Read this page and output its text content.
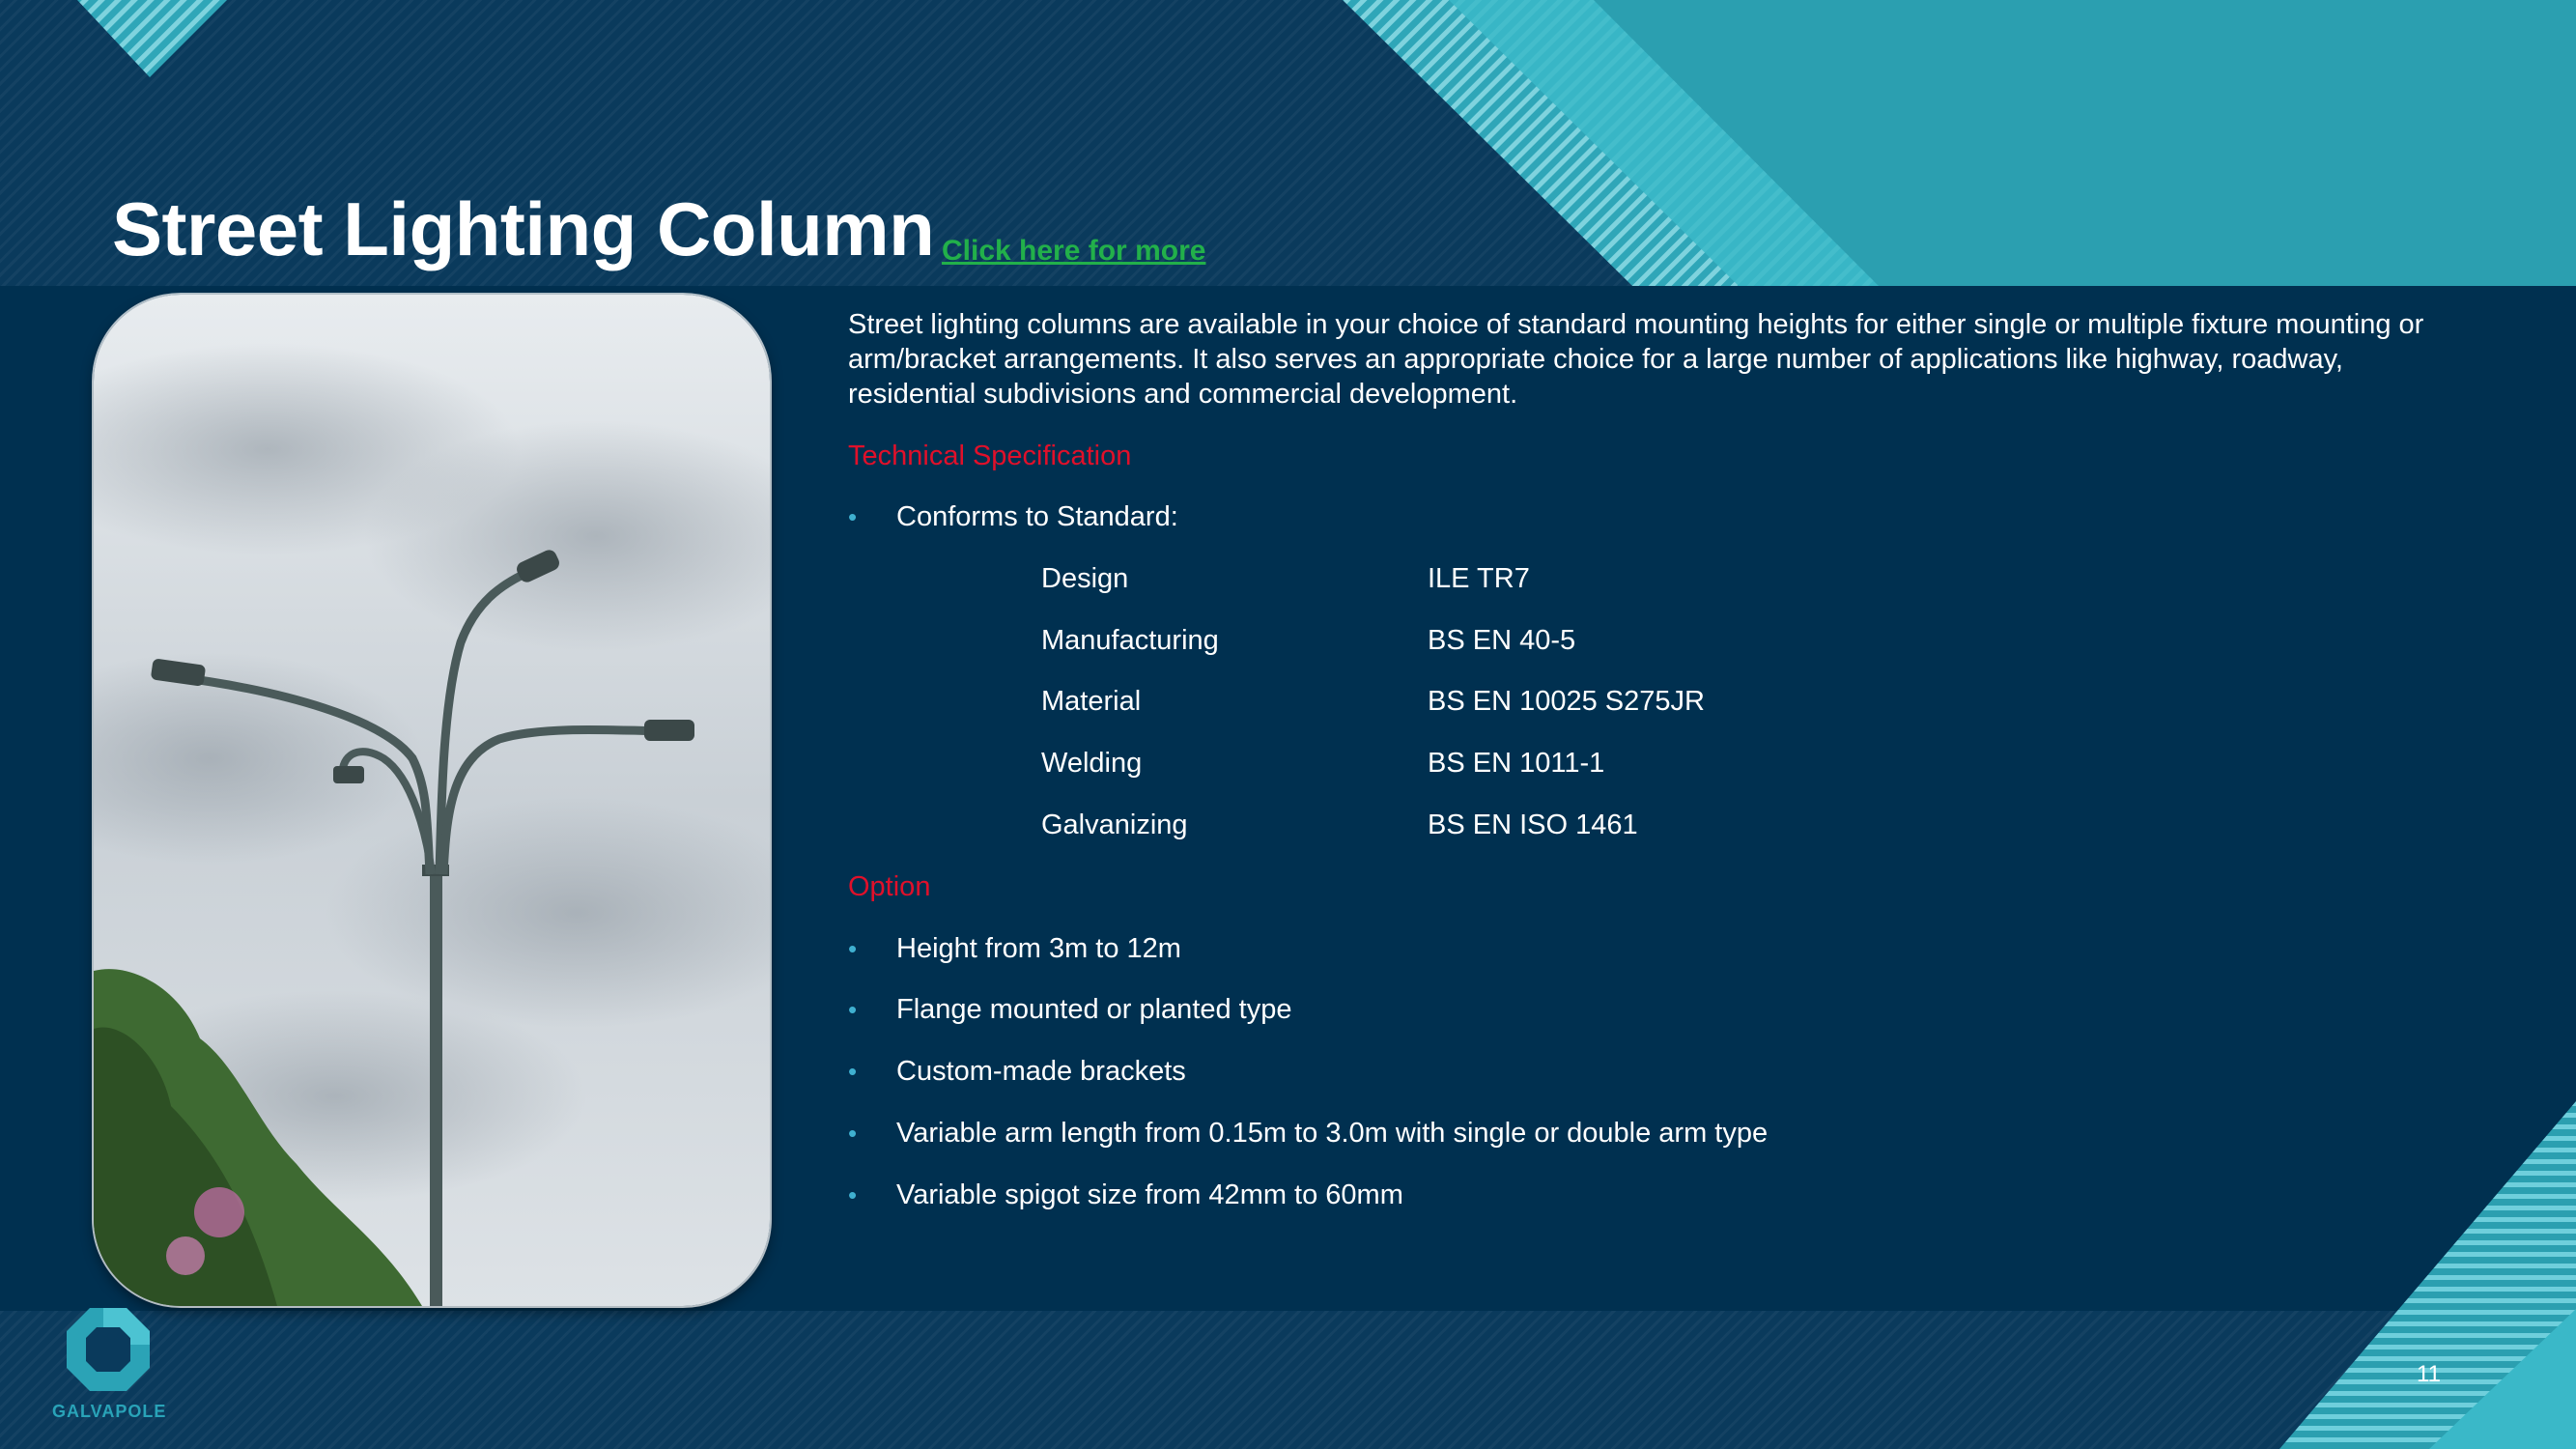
Street Lighting Column Click here for more

Street lighting columns are available in your choice of standard mounting heights for either single or multiple fixture mounting or arm/bracket arrangements. It also serves an appropriate choice for a large number of applications like highway, roadway, residential subdivisions and commercial development.

Technical Specification
• Conforms to Standard:
Design	ILE TR7
Manufacturing	BS EN 40-5
Material	BS EN 10025 S275JR
Welding	BS EN 1011-1
Galvanizing	BS EN ISO 1461
Option
• Height from 3m to 12m
• Flange mounted or planted type
• Custom-made brackets
• Variable arm length from 0.15m to 3.0m with single or double arm type
• Variable spigot size from 42mm to 60mm
GALVAPOLE
11
